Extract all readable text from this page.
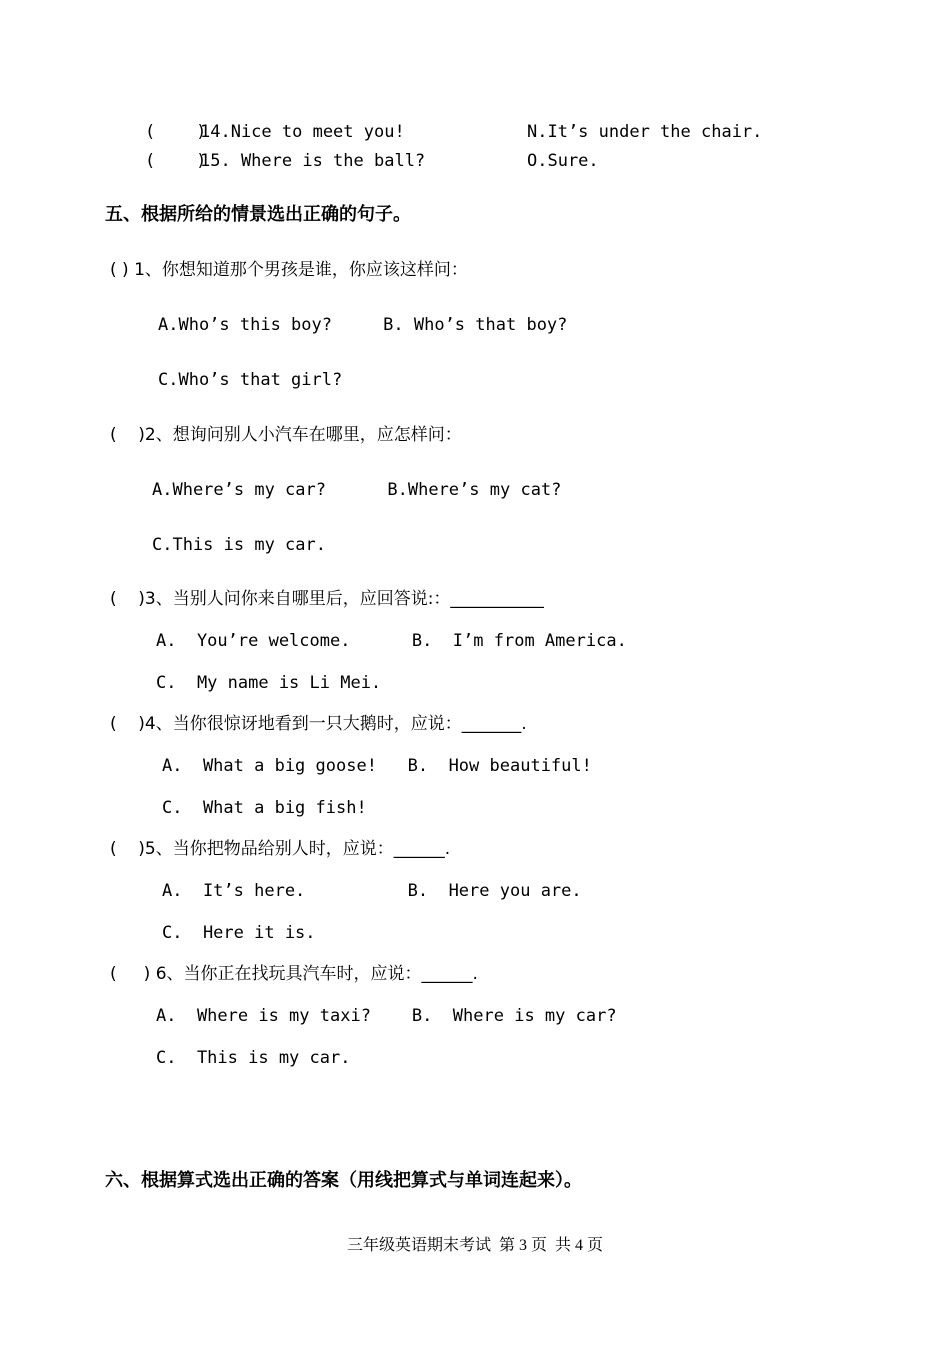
(    )
14.Nice to meet you!	N.It’s under the chair.
(    )
15. Where is the ball?	O.Sure.
五、根据所给的情景选出正确的句子。
( ) 1、你想知道那个男孩是谁，你应该这样问：
A.Who’s this boy?     B. Who’s that boy?
C.Who’s that girl?
(    )2、想询问别人小汽车在哪里，应怎样问：
A.Where’s my car?      B.Where’s my cat?
C.This is my car.
(    )3、当别人问你来自哪里后，应回答说:：___________
A.  You’re welcome.      B.  I’m from America.
C.  My name is Li Mei.
(    )4、当你很惊讶地看到一只大鹅时，应说：_______.
A.  What a big goose!   B.  How beautiful!
C.  What a big fish!
(    )5、当你把物品给别人时，应说：______.
A.  It’s here.          B.  Here you are.
C.  Here it is.
(     ) 6、当你正在找玩具汽车时，应说：______.
A.  Where is my taxi?    B.  Where is my car?
C.  This is my car.
六、根据算式选出正确的答案（用线把算式与单词连起来）。
三年级英语期末考试  第 3 页  共 4 页
